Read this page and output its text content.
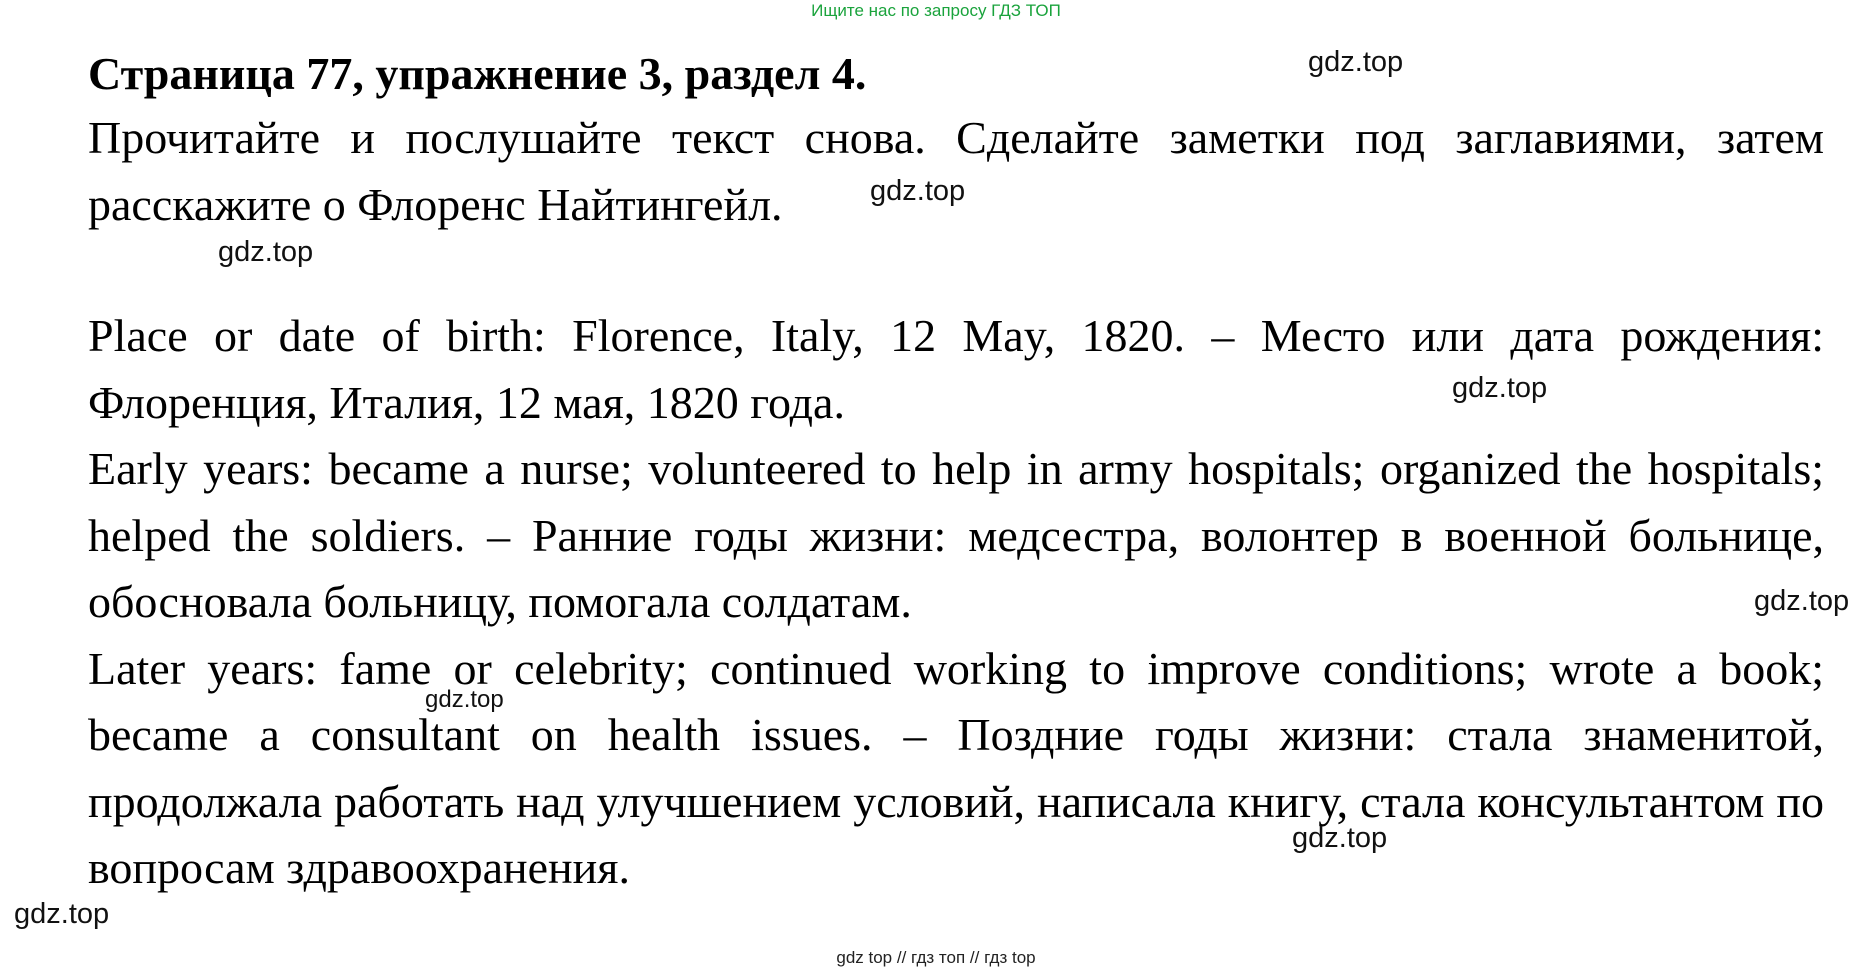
Ищите нас по запросу ГДЗ ТОП
Страница 77, упражнение 3, раздел 4.
Прочитайте и послушайте текст снова. Сделайте заметки под заглавиями, затем расскажите о Флоренс Найтингейл.

Place or date of birth: Florence, Italy, 12 May, 1820. – Место или дата рождения: Флоренция, Италия, 12 мая, 1820 года.

Early years: became a nurse; volunteered to help in army hospitals; organized the hospitals; helped the soldiers. – Ранние годы жизни: медсестра, волонтер в военной больнице, обосновала больницу, помогала солдатам.

Later years: fame or celebrity; continued working to improve conditions; wrote a book; became a consultant on health issues. – Поздние годы жизни: стала знаменитой, продолжала работать над улучшением условий, написала книгу, стала консультантом по вопросам здравоохранения.

gdz.top
gdz.top
gdz.top
gdz.top
gdz.top
gdz.top
gdz.top
gdz.top
gdz top // гдз топ // гдз top
